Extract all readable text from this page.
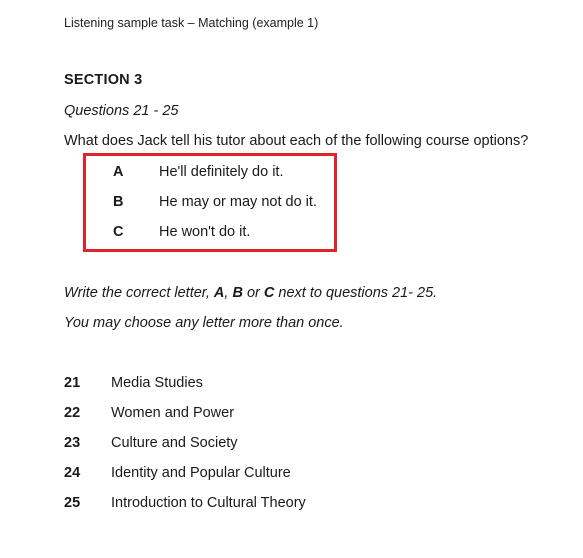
Listening sample task – Matching (example 1)
SECTION 3
Questions 21 - 25
What does Jack tell his tutor about each of the following course options?
A He'll definitely do it.
B He may or may not do it.
C He won't do it.
Write the correct letter, A, B or C next to questions 21- 25.
You may choose any letter more than once.
21 Media Studies
22 Women and Power
23 Culture and Society
24 Identity and Popular Culture
25 Introduction to Cultural Theory
